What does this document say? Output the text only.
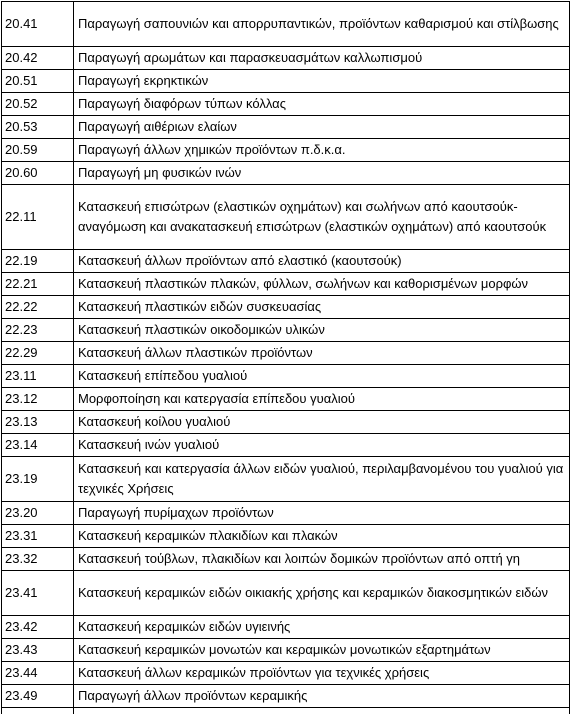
20.41	Παραγωγή σαπουνιών και απορρυπαντικών, προϊόντων καθαρισμού και στίλβωσης
20.42	Παραγωγή αρωμάτων και παρασκευασμάτων καλλωπισμού
20.51	Παραγωγή εκρηκτικών
20.52	Παραγωγή διαφόρων τύπων κόλλας
20.53	Παραγωγή αιθέριων ελαίων
20.59	Παραγωγή άλλων χημικών προϊόντων π.δ.κ.α.
20.60	Παραγωγή μη φυσικών ινών
22.11	Κατασκευή επισώτρων (ελαστικών οχημάτων) και σωλήνων από καουτσούκ- αναγόμωση και ανακατασκευή επισώτρων (ελαστικών οχημάτων) από καουτσούκ
22.19	Κατασκευή άλλων προϊόντων από ελαστικό (καουτσούκ)
22.21	Κατασκευή πλαστικών πλακών, φύλλων, σωλήνων και καθορισμένων μορφών
22.22	Κατασκευή πλαστικών ειδών συσκευασίας
22.23	Κατασκευή πλαστικών οικοδομικών υλικών
22.29	Κατασκευή άλλων πλαστικών προϊόντων
23.11	Κατασκευή επίπεδου γυαλιού
23.12	Μορφοποίηση και κατεργασία επίπεδου γυαλιού
23.13	Κατασκευή κοίλου γυαλιού
23.14	Κατασκευή ινών γυαλιού
23.19	Κατασκευή και κατεργασία άλλων ειδών γυαλιού, περιλαμβανομένου του γυαλιού για τεχνικές Χρήσεις
23.20	Παραγωγή πυρίμαχων προϊόντων
23.31	Κατασκευή κεραμικών πλακιδίων και πλακών
23.32	Κατασκευή τούβλων, πλακιδίων και λοιπών δομικών προϊόντων από οπτή γη
23.41	Κατασκευή κεραμικών ειδών οικιακής χρήσης και κεραμικών διακοσμητικών ειδών
23.42	Κατασκευή κεραμικών ειδών υγιεινής
23.43	Κατασκευή κεραμικών μονωτών και κεραμικών μονωτικών εξαρτημάτων
23.44	Κατασκευή άλλων κεραμικών προϊόντων για τεχνικές χρήσεις
23.49	Παραγωγή άλλων προϊόντων κεραμικής
